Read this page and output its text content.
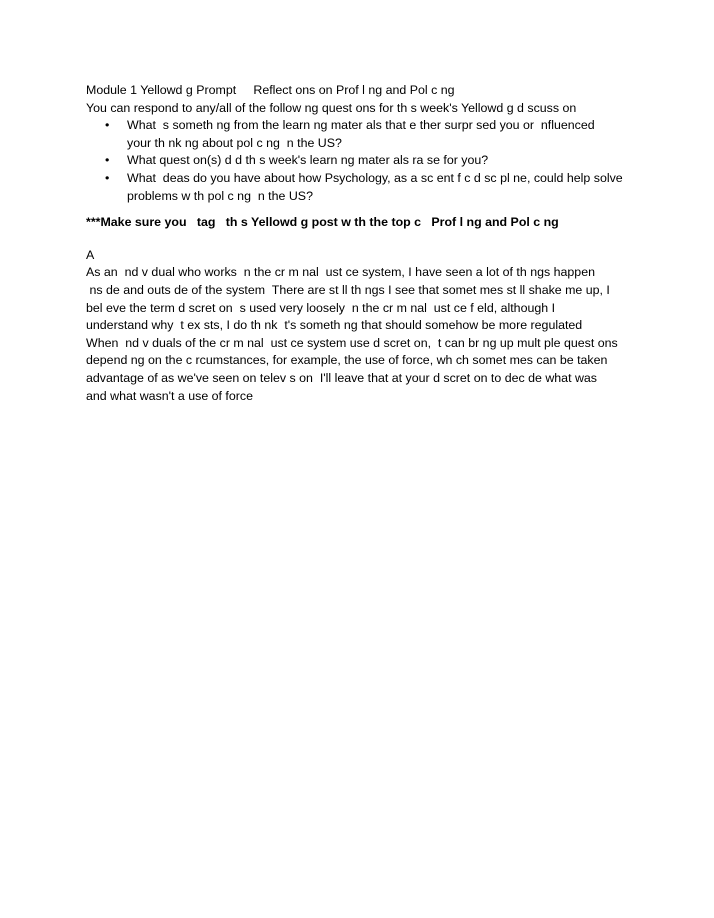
Module 1 Yellowd g Prompt     Reflect ons on Prof l ng and Pol c ng

You can respond to any/all of the follow ng quest ons for th s week's Yellowd g d scuss on

• What  s someth ng from the learn ng mater als that e ther surpr sed you or  nfluenced

your th nk ng about pol c ng  n the US?

• What quest on(s) d d th s week's learn ng mater als ra se for you?

• What  deas do you have about how Psychology, as a sc ent f c d sc pl ne, could help solve

problems w th pol c ng  n the US?

***Make sure you   tag   th s Yellowd g post w th the top c   Prof l ng and Pol c ng

A

As an  nd v dual who works  n the cr m nal  ust ce system, I have seen a lot of th ngs happen

ns de and outs de of the system  There are st ll th ngs I see that somet mes st ll shake me up, I

bel eve the term d scret on  s used very loosely  n the cr m nal  ust ce f eld, although I

understand why  t ex sts, I do th nk  t's someth ng that should somehow be more regulated

When  nd v duals of the cr m nal  ust ce system use d scret on,  t can br ng up mult ple quest ons

depend ng on the c rcumstances, for example, the use of force, wh ch somet mes can be taken

advantage of as we've seen on telev s on  I'll leave that at your d scret on to dec de what was

and what wasn't a use of force
